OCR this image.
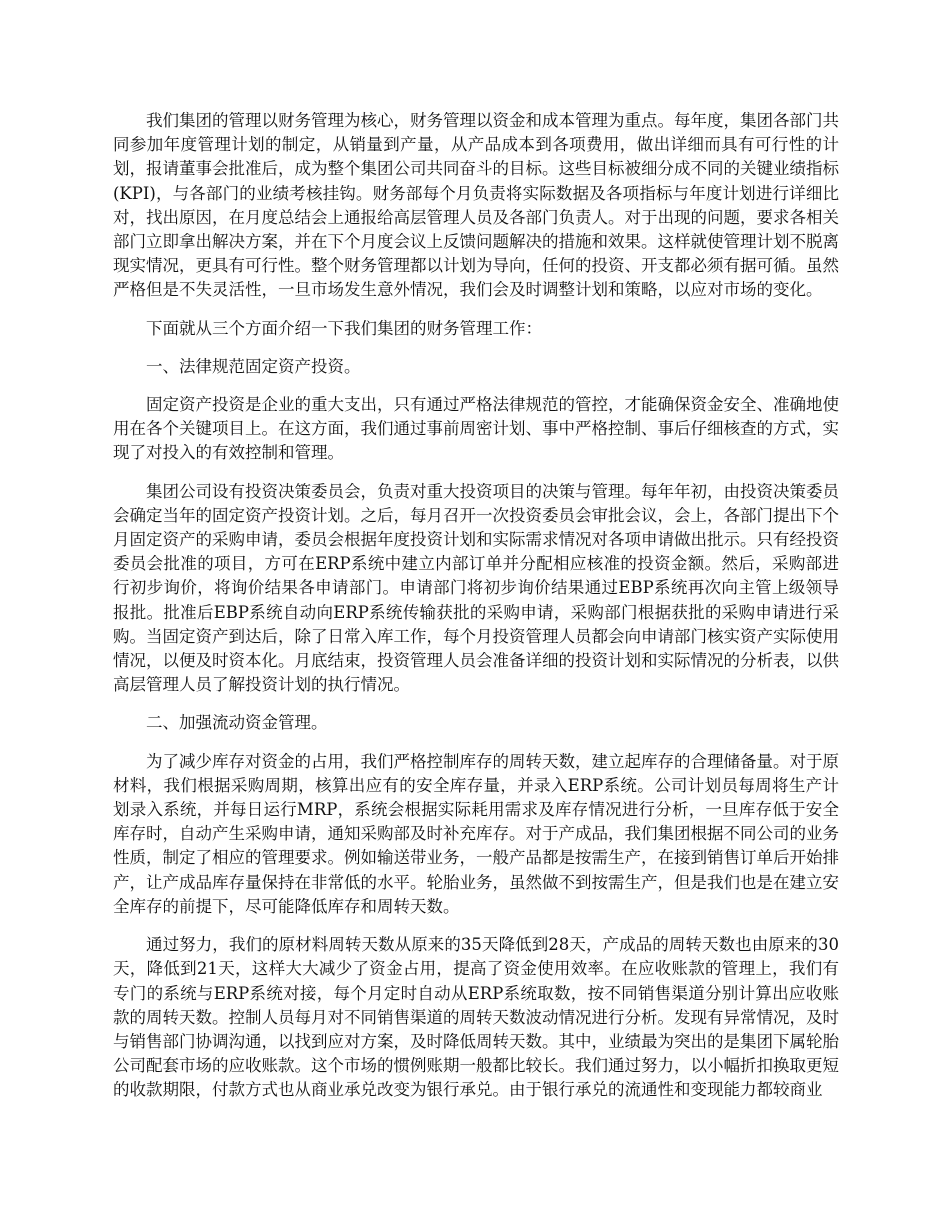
我们集团的管理以财务管理为核心，财务管理以资金和成本管理为重点。每年度，集团各部门共同参加年度管理计划的制定，从销量到产量，从产品成本到各项费用，做出详细而具有可行性的计划，报请董事会批准后，成为整个集团公司共同奋斗的目标。这些目标被细分成不同的关键业绩指标(KPI)，与各部门的业绩考核挂钩。财务部每个月负责将实际数据及各项指标与年度计划进行详细比对，找出原因，在月度总结会上通报给高层管理人员及各部门负责人。对于出现的问题，要求各相关部门立即拿出解决方案，并在下个月度会议上反馈问题解决的措施和效果。这样就使管理计划不脱离现实情况，更具有可行性。整个财务管理都以计划为导向，任何的投资、开支都必须有据可循。虽然严格但是不失灵活性，一旦市场发生意外情况，我们会及时调整计划和策略，以应对市场的变化。

下面就从三个方面介绍一下我们集团的财务管理工作：

一、法律规范固定资产投资。

固定资产投资是企业的重大支出，只有通过严格法律规范的管控，才能确保资金安全、准确地使用在各个关键项目上。在这方面，我们通过事前周密计划、事中严格控制、事后仔细核查的方式，实现了对投入的有效控制和管理。

集团公司设有投资决策委员会，负责对重大投资项目的决策与管理。每年年初，由投资决策委员会确定当年的固定资产投资计划。之后，每月召开一次投资委员会审批会议，会上，各部门提出下个月固定资产的采购申请，委员会根据年度投资计划和实际需求情况对各项申请做出批示。只有经投资委员会批准的项目，方可在ERP系统中建立内部订单并分配相应核准的投资金额。然后，采购部进行初步询价，将询价结果各申请部门。申请部门将初步询价结果通过EBP系统再次向主管上级领导报批。批准后EBP系统自动向ERP系统传输获批的采购申请，采购部门根据获批的采购申请进行采购。当固定资产到达后，除了日常入库工作，每个月投资管理人员都会向申请部门核实资产实际使用情况，以便及时资本化。月底结束，投资管理人员会准备详细的投资计划和实际情况的分析表，以供高层管理人员了解投资计划的执行情况。

二、加强流动资金管理。

为了减少库存对资金的占用，我们严格控制库存的周转天数，建立起库存的合理储备量。对于原材料，我们根据采购周期，核算出应有的安全库存量，并录入ERP系统。公司计划员每周将生产计划录入系统，并每日运行MRP，系统会根据实际耗用需求及库存情况进行分析，一旦库存低于安全库存时，自动产生采购申请，通知采购部及时补充库存。对于产成品，我们集团根据不同公司的业务性质，制定了相应的管理要求。例如输送带业务，一般产品都是按需生产，在接到销售订单后开始排产，让产成品库存量保持在非常低的水平。轮胎业务，虽然做不到按需生产，但是我们也是在建立安全库存的前提下，尽可能降低库存和周转天数。

通过努力，我们的原材料周转天数从原来的35天降低到28天，产成品的周转天数也由原来的30天，降低到21天，这样大大减少了资金占用，提高了资金使用效率。在应收账款的管理上，我们有专门的系统与ERP系统对接，每个月定时自动从ERP系统取数，按不同销售渠道分别计算出应收账款的周转天数。控制人员每月对不同销售渠道的周转天数波动情况进行分析。发现有异常情况，及时与销售部门协调沟通，以找到应对方案，及时降低周转天数。其中，业绩最为突出的是集团下属轮胎公司配套市场的应收账款。这个市场的惯例账期一般都比较长。我们通过努力，以小幅折扣换取更短的收款期限，付款方式也从商业承兑改变为银行承兑。由于银行承兑的流通性和变现能力都较商业
